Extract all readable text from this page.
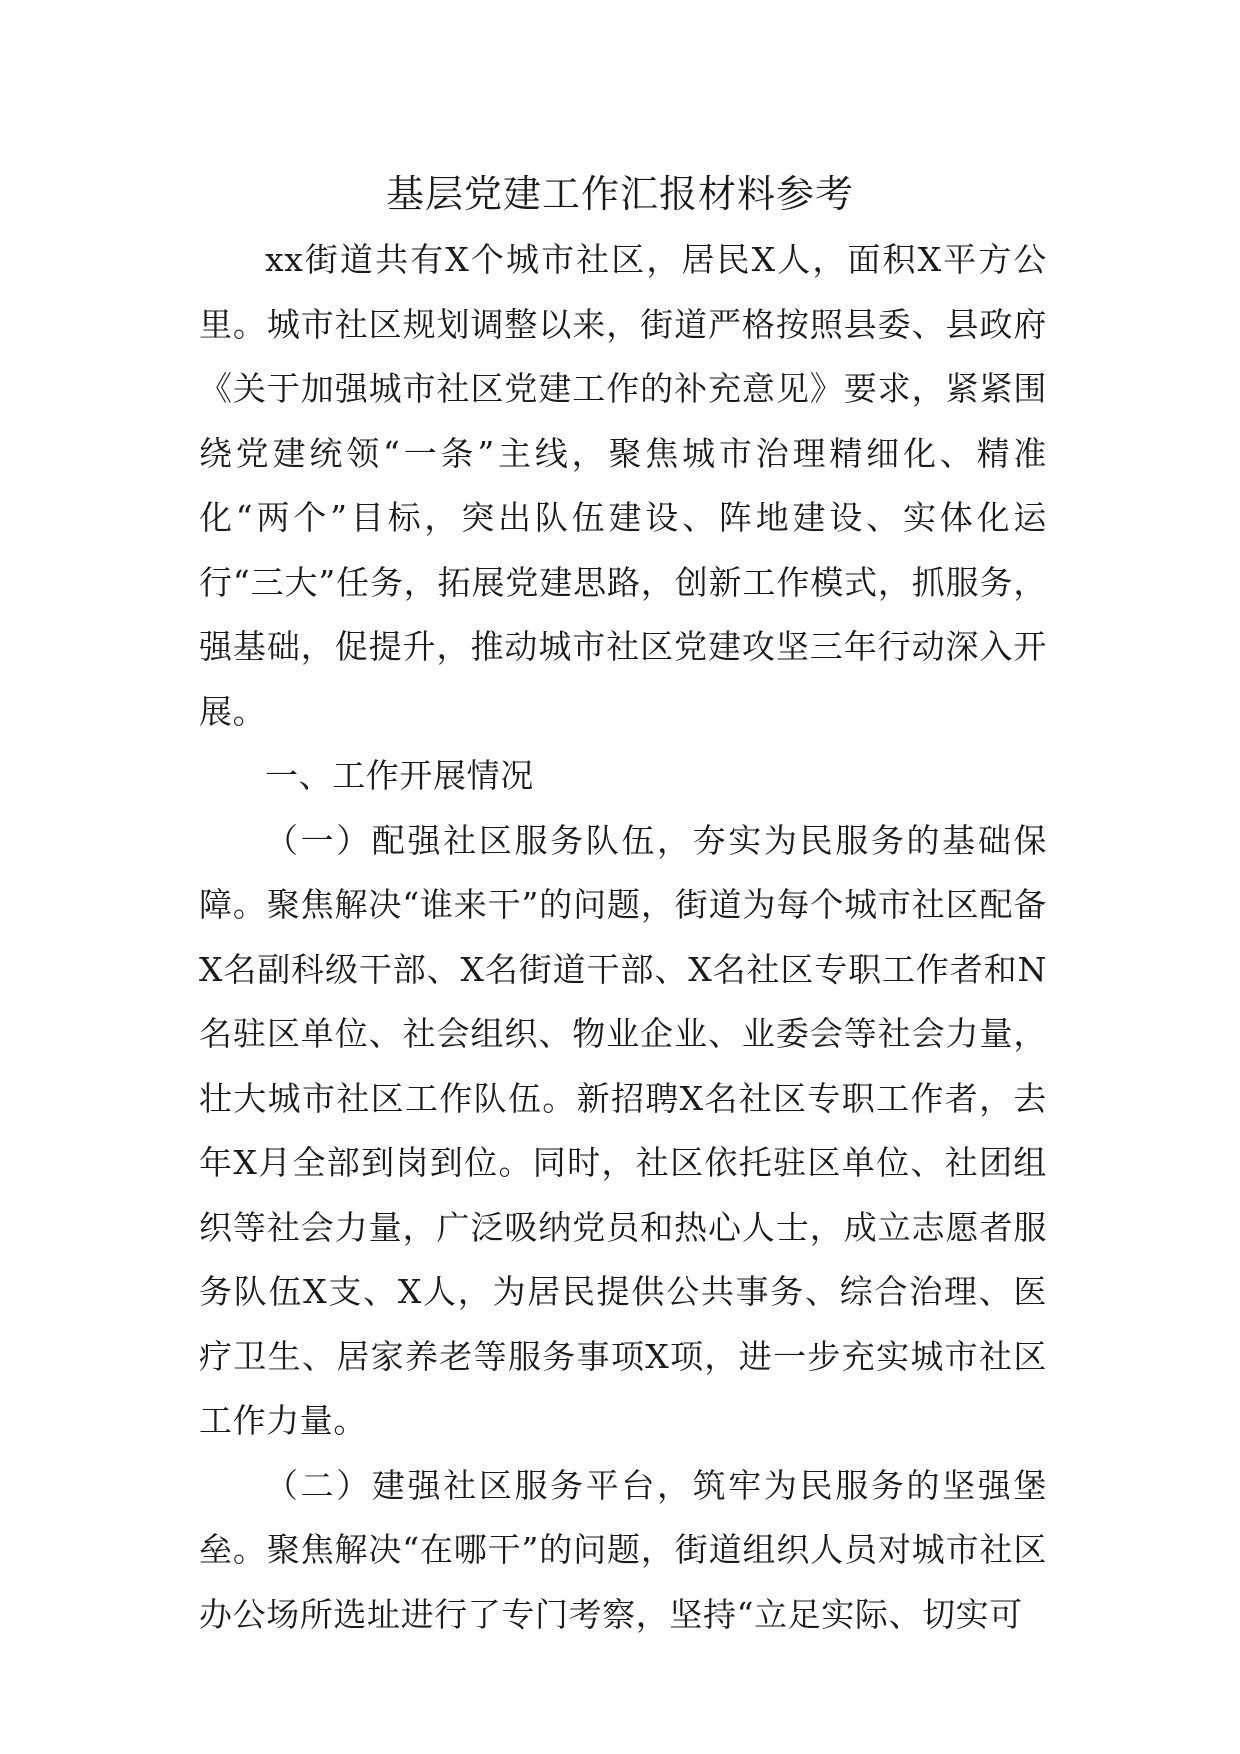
基层党建工作汇报材料参考

xx街道共有X个城市社区，居民X人，面积X平方公里。城市社区规划调整以来，街道严格按照县委、县政府《关于加强城市社区党建工作的补充意见》要求，紧紧围绕党建统领“一条”主线，聚焦城市治理精细化、精准化“两个”目标，突出队伍建设、阵地建设、实体化运行“三大”任务，拓展党建思路，创新工作模式，抓服务，强基础，促提升，推动城市社区党建攻坚三年行动深入开展。

一、工作开展情况

（一）配强社区服务队伍，夯实为民服务的基础保障。聚焦解决“谁来干”的问题，街道为每个城市社区配备X名副科级干部、X名街道干部、X名社区专职工作者和N名驻区单位、社会组织、物业企业、业委会等社会力量，壮大城市社区工作队伍。新招聘X名社区专职工作者，去年X月全部到岗到位。同时，社区依托驻区单位、社团组织等社会力量，广泛吸纳党员和热心人士，成立志愿者服务队伍X支、X人，为居民提供公共事务、综合治理、医疗卫生、居家养老等服务事项X项，进一步充实城市社区工作力量。

（二）建强社区服务平台，筑牢为民服务的坚强堡垒。聚焦解决“在哪干”的问题，街道组织人员对城市社区办公场所选址进行了专门考察，坚持“立足实际、切实可
